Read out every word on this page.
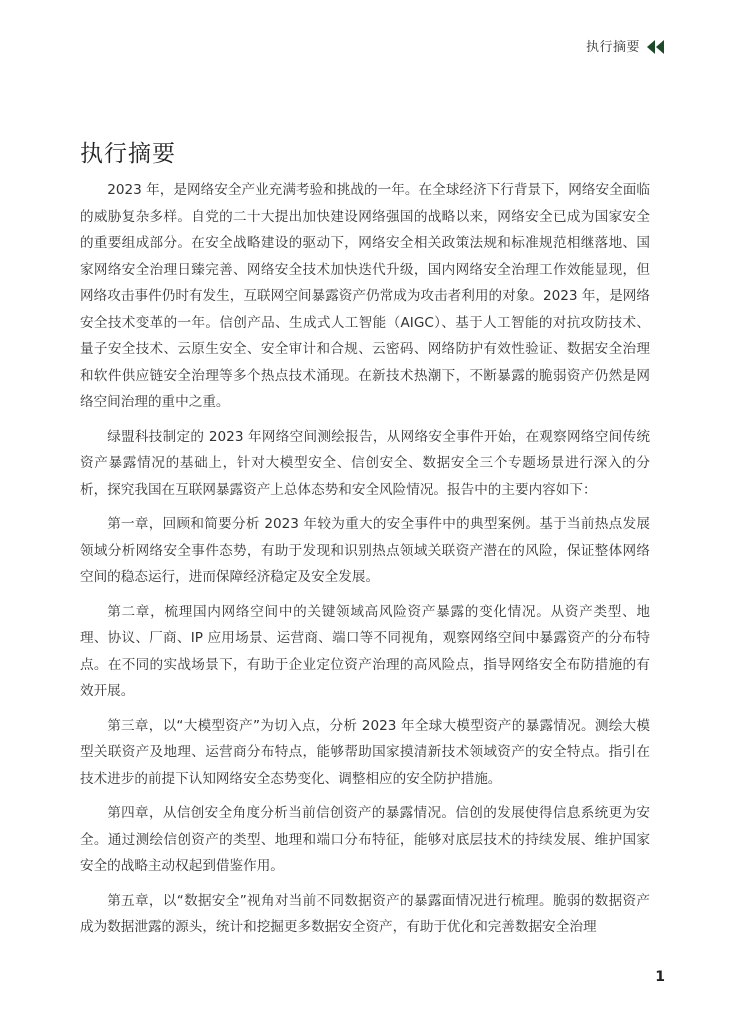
执行摘要
执行摘要

2023 年，是网络安全产业充满考验和挑战的一年。在全球经济下行背景下，网络安全面临的威胁复杂多样。自党的二十大提出加快建设网络强国的战略以来，网络安全已成为国家安全的重要组成部分。在安全战略建设的驱动下，网络安全相关政策法规和标准规范相继落地、国家网络安全治理日臻完善、网络安全技术加快迭代升级，国内网络安全治理工作效能显现，但网络攻击事件仍时有发生，互联网空间暴露资产仍常成为攻击者利用的对象。2023 年，是网络安全技术变革的一年。信创产品、生成式人工智能（AIGC）、基于人工智能的对抗攻防技术、量子安全技术、云原生安全、安全审计和合规、云密码、网络防护有效性验证、数据安全治理和软件供应链安全治理等多个热点技术涌现。在新技术热潮下，不断暴露的脆弱资产仍然是网络空间治理的重中之重。

绿盟科技制定的 2023 年网络空间测绘报告，从网络安全事件开始，在观察网络空间传统资产暴露情况的基础上，针对大模型安全、信创安全、数据安全三个专题场景进行深入的分析，探究我国在互联网暴露资产上总体态势和安全风险情况。报告中的主要内容如下：

第一章，回顾和简要分析 2023 年较为重大的安全事件中的典型案例。基于当前热点发展领域分析网络安全事件态势，有助于发现和识别热点领域关联资产潜在的风险，保证整体网络空间的稳态运行，进而保障经济稳定及安全发展。

第二章，梳理国内网络空间中的关键领域高风险资产暴露的变化情况。从资产类型、地理、协议、厂商、IP 应用场景、运营商、端口等不同视角，观察网络空间中暴露资产的分布特点。在不同的实战场景下，有助于企业定位资产治理的高风险点，指导网络安全布防措施的有效开展。

第三章，以“大模型资产”为切入点，分析 2023 年全球大模型资产的暴露情况。测绘大模型关联资产及地理、运营商分布特点，能够帮助国家摸清新技术领域资产的安全特点。指引在技术进步的前提下认知网络安全态势变化、调整相应的安全防护措施。

第四章，从信创安全角度分析当前信创资产的暴露情况。信创的发展使得信息系统更为安全。通过测绘信创资产的类型、地理和端口分布特征，能够对底层技术的持续发展、维护国家安全的战略主动权起到借鉴作用。

第五章，以“数据安全”视角对当前不同数据资产的暴露面情况进行梳理。脆弱的数据资产成为数据泄露的源头，统计和挖掘更多数据安全资产，有助于优化和完善数据安全治理

1
